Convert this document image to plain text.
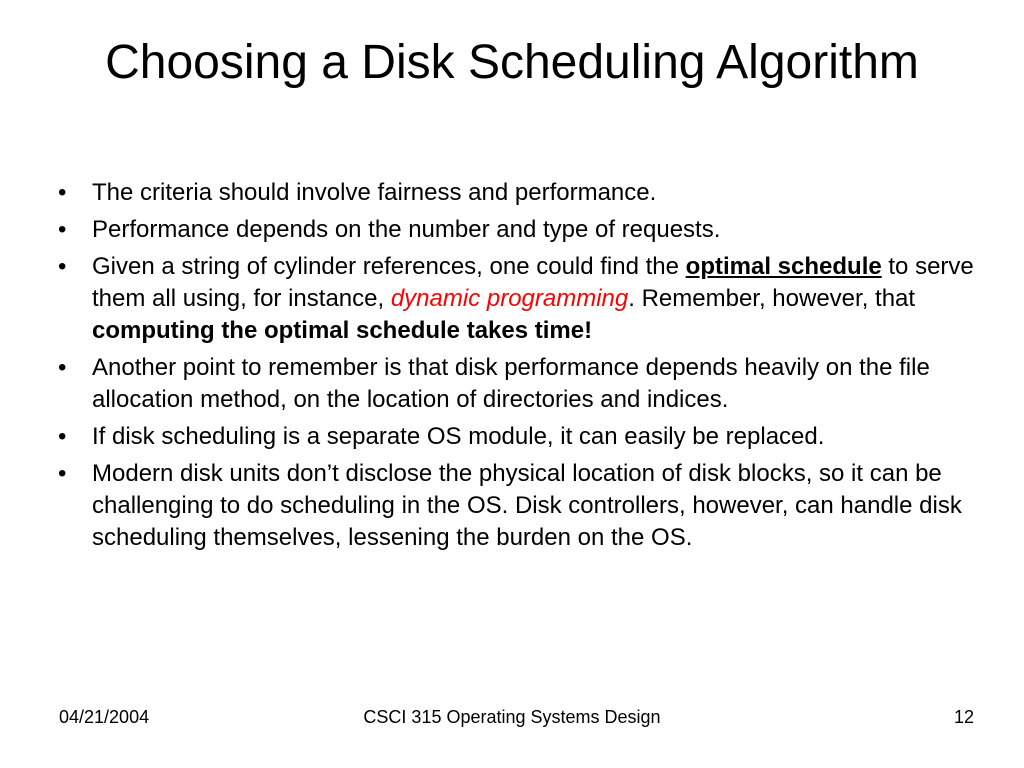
Choosing a Disk Scheduling Algorithm
• The criteria should involve fairness and performance.
• Performance depends on the number and type of requests.
• Given a string of cylinder references, one could find the optimal schedule to serve them all using, for instance, dynamic programming. Remember, however, that computing the optimal schedule takes time!
• Another point to remember is that disk performance depends heavily on the file allocation method, on the location of directories and indices.
• If disk scheduling is a separate OS module, it can easily be replaced.
• Modern disk units don’t disclose the physical location of disk blocks, so it can be challenging to do scheduling in the OS. Disk controllers, however, can handle disk scheduling themselves, lessening the burden on the OS.
04/21/2004	CSCI 315 Operating Systems Design	12
